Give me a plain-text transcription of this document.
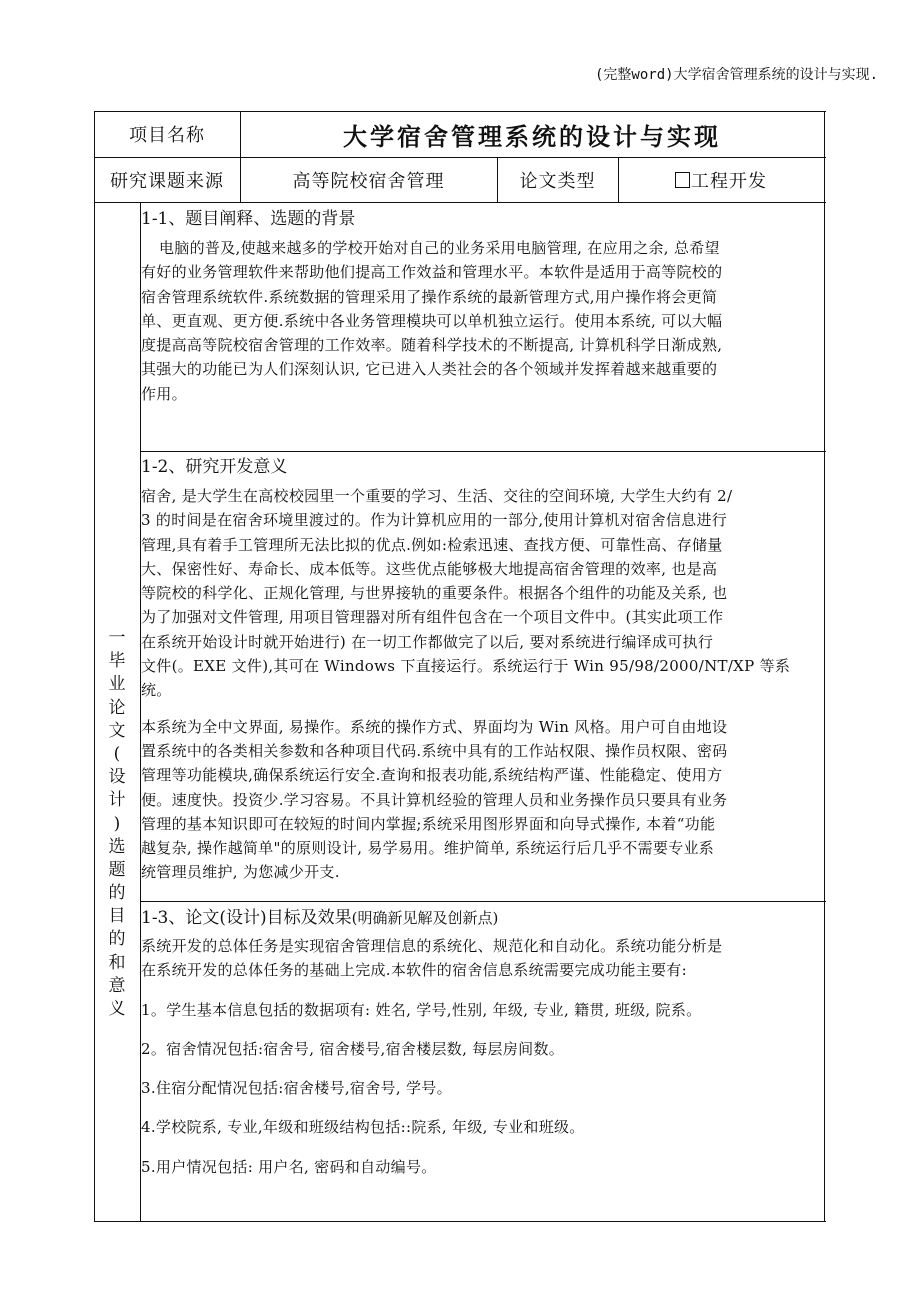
(完整word)大学宿舍管理系统的设计与实现.
项目名称	大学宿舍管理系统的设计与实现
研究课题来源	高等院校宿舍管理	论文类型	工程开发
一
毕
业
论
文
(
设
计
)
选
题
的
目
的
和
意
义
1-1、题目阐释、选题的背景

电脑的普及,使越来越多的学校开始对自己的业务采用电脑管理, 在应用之余, 总希望

有好的业务管理软件来帮助他们提高工作效益和管理水平。本软件是适用于高等院校的

宿舍管理系统软件.系统数据的管理采用了操作系统的最新管理方式,用户操作将会更简

单、更直观、更方便.系统中各业务管理模块可以单机独立运行。使用本系统, 可以大幅

度提高高等院校宿舍管理的工作效率。随着科学技术的不断提高, 计算机科学日渐成熟,

其强大的功能已为人们深刻认识, 它已进入人类社会的各个领域并发挥着越来越重要的

作用。

1-2、研究开发意义

宿舍, 是大学生在高校校园里一个重要的学习、生活、交往的空间环境, 大学生大约有 2/

3 的时间是在宿舍环境里渡过的。作为计算机应用的一部分,使用计算机对宿舍信息进行

管理,具有着手工管理所无法比拟的优点.例如:检索迅速、查找方便、可靠性高、存储量

大、保密性好、寿命长、成本低等。这些优点能够极大地提高宿舍管理的效率, 也是高

等院校的科学化、正规化管理, 与世界接轨的重要条件。根据各个组件的功能及关系, 也

为了加强对文件管理, 用项目管理器对所有组件包含在一个项目文件中。(其实此项工作

在系统开始设计时就开始进行) 在一切工作都做完了以后, 要对系统进行编译成可执行

文件(。EXE 文件),其可在 Windows 下直接运行。系统运行于 Win 95/98/2000/NT/XP 等系

统。

本系统为全中文界面, 易操作。系统的操作方式、界面均为 Win 风格。用户可自由地设

置系统中的各类相关参数和各种项目代码.系统中具有的工作站权限、操作员权限、密码

管理等功能模块,确保系统运行安全.查询和报表功能,系统结构严谨、性能稳定、使用方

便。速度快。投资少.学习容易。不具计算机经验的管理人员和业务操作员只要具有业务

管理的基本知识即可在较短的时间内掌握;系统采用图形界面和向导式操作, 本着“功能

越复杂, 操作越简单"的原则设计, 易学易用。维护简单, 系统运行后几乎不需要专业系

统管理员维护, 为您减少开支.

1-3、论文(设计)目标及效果(明确新见解及创新点)

系统开发的总体任务是实现宿舍管理信息的系统化、规范化和自动化。系统功能分析是

在系统开发的总体任务的基础上完成.本软件的宿舍信息系统需要完成功能主要有:

1。学生基本信息包括的数据项有: 姓名, 学号,性别, 年级, 专业, 籍贯, 班级, 院系。

2。宿舍情况包括:宿舍号, 宿舍楼号,宿舍楼层数, 每层房间数。

3.住宿分配情况包括:宿舍楼号,宿舍号, 学号。

4.学校院系, 专业,年级和班级结构包括::院系, 年级, 专业和班级。

5.用户情况包括: 用户名, 密码和自动编号。
